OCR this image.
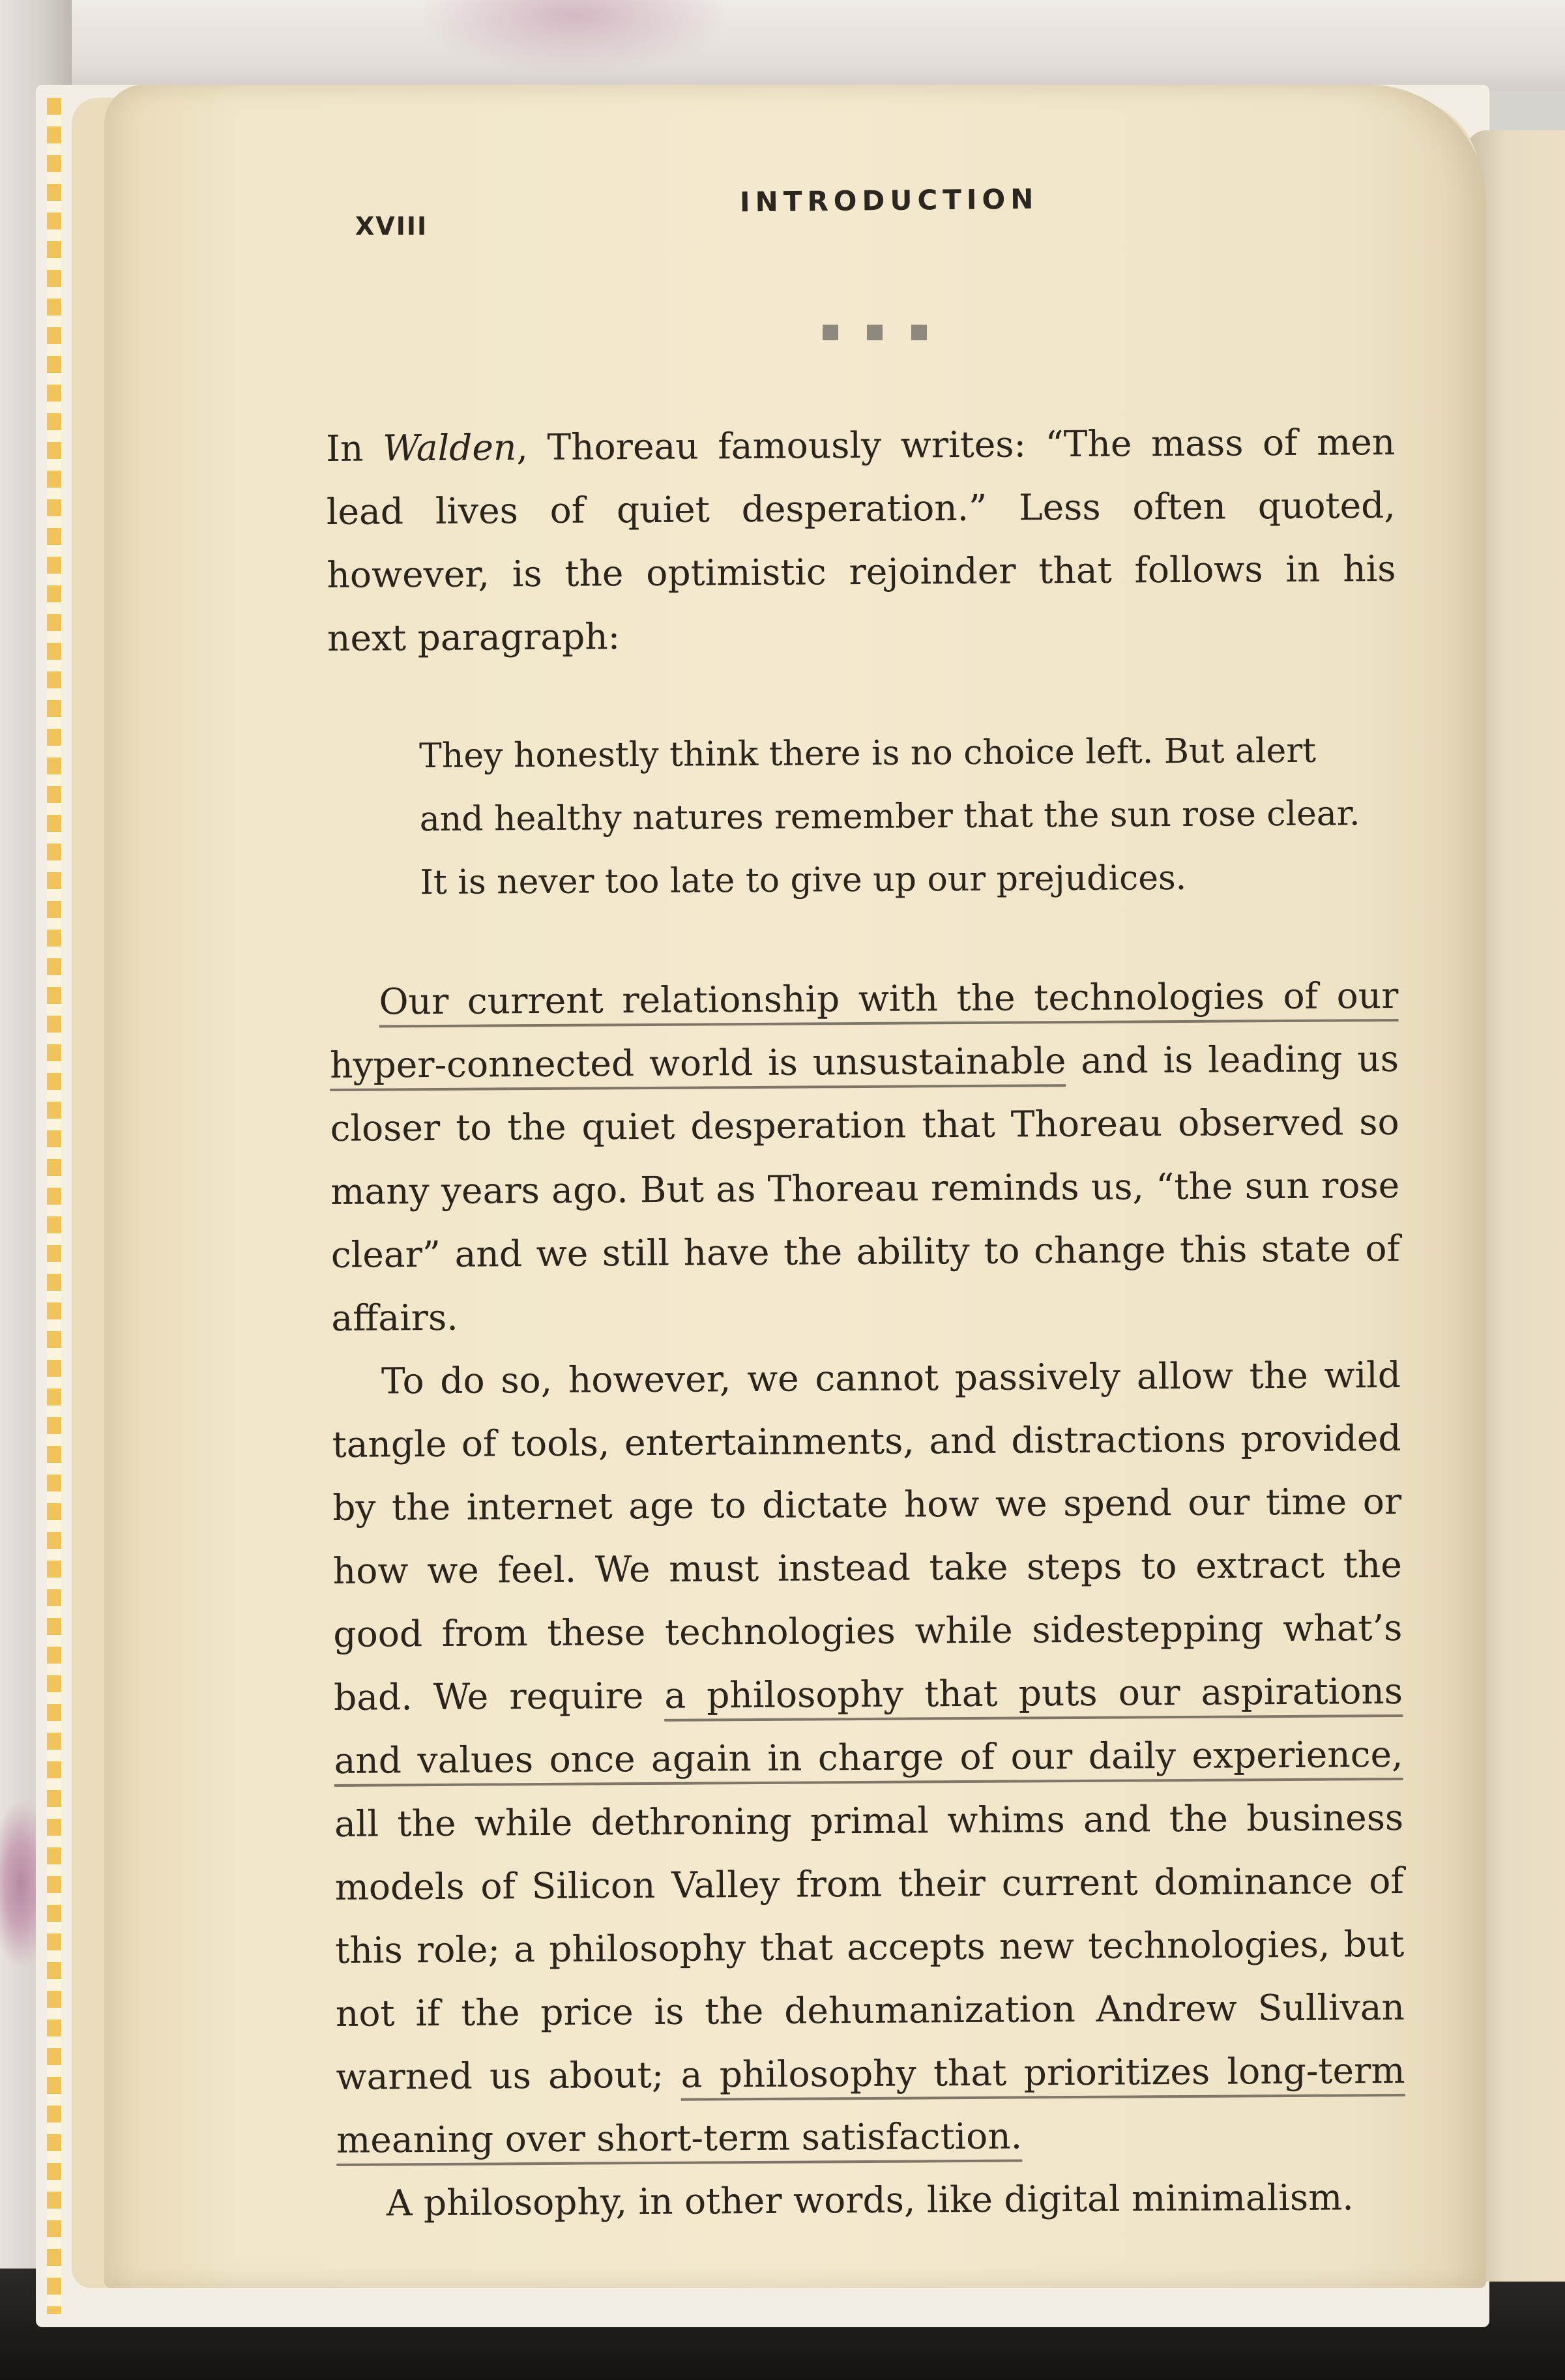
XVIII
INTRODUCTION

In Walden, Thoreau famously writes: “The mass of men lead lives of quiet desperation.” Less often quoted, however, is the optimistic rejoinder that follows in his next paragraph:

They honestly think there is no choice left. But alert
and healthy natures remember that the sun rose clear.
It is never too late to give up our prejudices.

Our current relationship with the technologies of our hyper-connected world is unsustainable and is leading us closer to the quiet desperation that Thoreau observed so many years ago. But as Thoreau reminds us, “the sun rose clear” and we still have the ability to change this state of affairs.

To do so, however, we cannot passively allow the wild tangle of tools, entertainments, and distractions provided by the internet age to dictate how we spend our time or how we feel. We must instead take steps to extract the good from these technologies while sidestepping what’s bad. We require a philosophy that puts our aspirations and values once again in charge of our daily experience, all the while dethroning primal whims and the business models of Silicon Valley from their current dominance of this role; a philosophy that accepts new technologies, but not if the price is the dehumanization Andrew Sullivan warned us about; a philosophy that prioritizes long-term meaning over short-term satisfaction.

A philosophy, in other words, like digital minimalism.
